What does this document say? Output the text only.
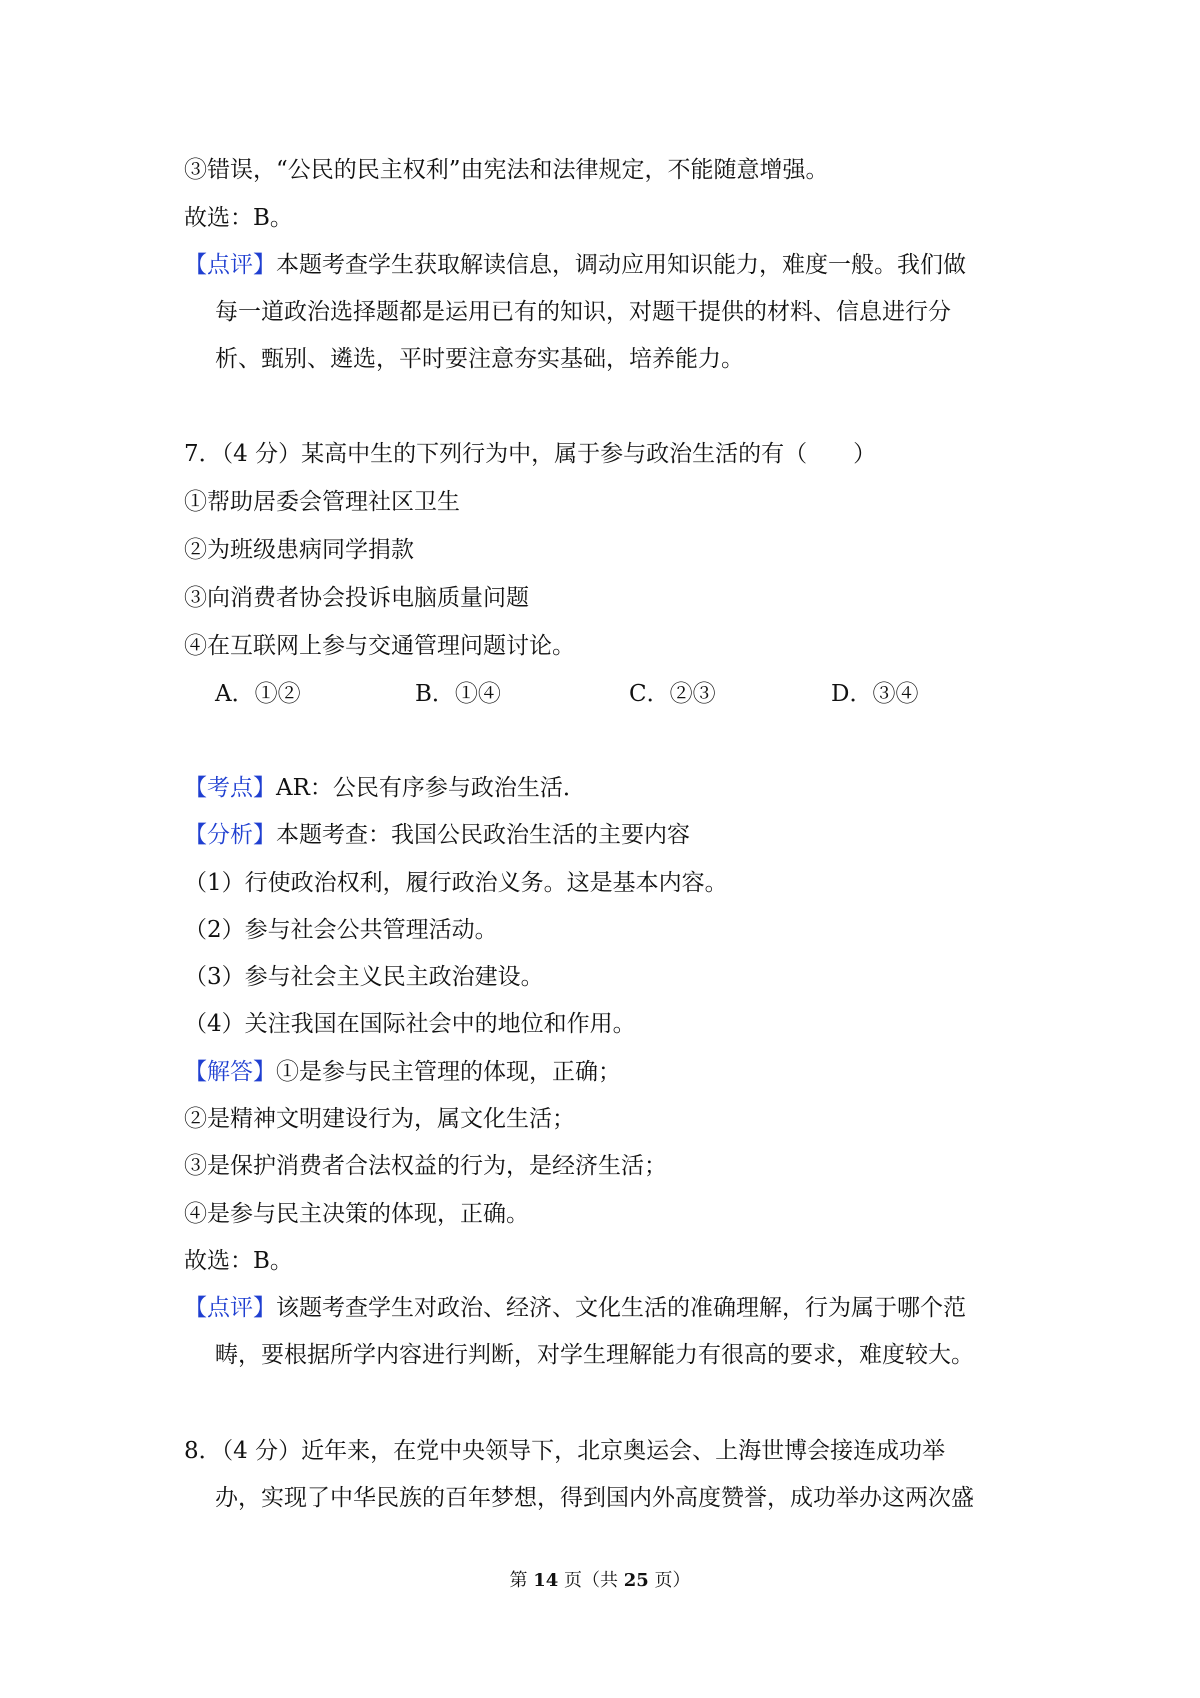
③错误，“公民的民主权利”由宪法和法律规定，不能随意增强。
故选：B。
【点评】本题考查学生获取解读信息，调动应用知识能力，难度一般。我们做
每一道政治选择题都是运用已有的知识，对题干提供的材料、信息进行分
析、甄别、遴选，平时要注意夯实基础，培养能力。
7．（4 分）某高中生的下列行为中，属于参与政治生活的有（　　）
①帮助居委会管理社区卫生
②为班级患病同学捐款
③向消费者协会投诉电脑质量问题
④在互联网上参与交通管理问题讨论。
A．①②	B．①④	C．②③	D．③④
【考点】AR：公民有序参与政治生活．
【分析】本题考查：我国公民政治生活的主要内容
（1）行使政治权利，履行政治义务。这是基本内容。
（2）参与社会公共管理活动。
（3）参与社会主义民主政治建设。
（4）关注我国在国际社会中的地位和作用。
【解答】①是参与民主管理的体现，正确；
②是精神文明建设行为，属文化生活；
③是保护消费者合法权益的行为，是经济生活；
④是参与民主决策的体现，正确。
故选：B。
【点评】该题考查学生对政治、经济、文化生活的准确理解，行为属于哪个范
畴，要根据所学内容进行判断，对学生理解能力有很高的要求，难度较大。
8．（4 分）近年来，在党中央领导下，北京奥运会、上海世博会接连成功举
办，实现了中华民族的百年梦想，得到国内外高度赞誉，成功举办这两次盛
第 14 页（共 25 页）
